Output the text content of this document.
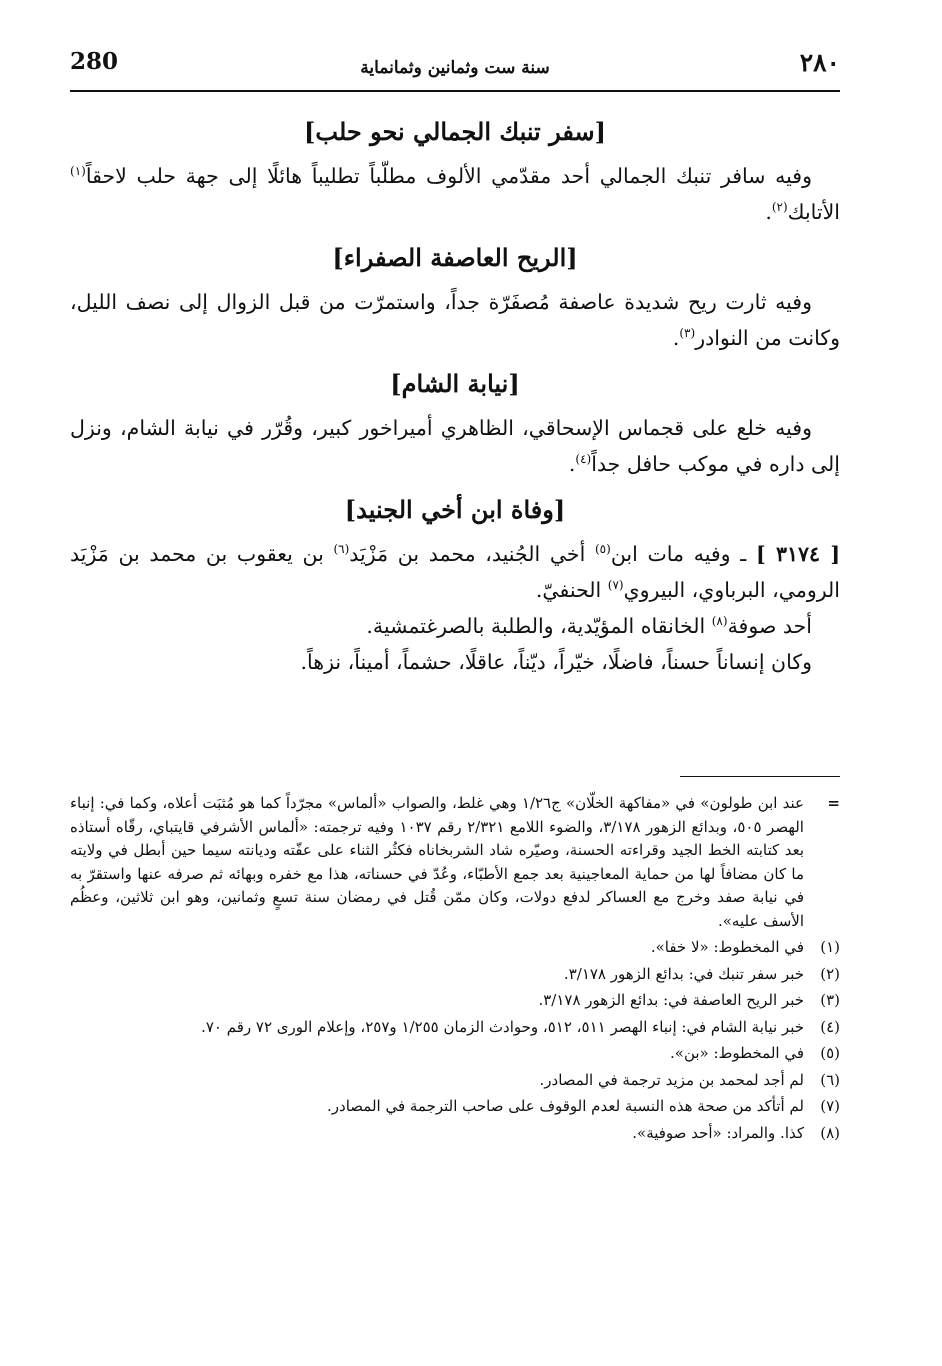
280	سنة ست وثمانين وثمانماية	٢٨٠
[سفر تنبك الجمالي نحو حلب]

وفيه سافر تنبك الجمالي أحد مقدّمي الألوف مطلّباً تطليباً هائلًا إلى جهة حلب لاحقاً$^{(١)}$ الأتابك$^{(٢)}$.

[الريح العاصفة الصفراء]

وفيه ثارت ريح شديدة عاصفة مُصفَرّة جداً، واستمرّت من قبل الزوال إلى نصف الليل، وكانت من النوادر$^{(٣)}$.

[نيابة الشام]

وفيه خلع على قجماس الإسحاقي، الظاهري أميراخور كبير، وقُرّر في نيابة الشام، ونزل إلى داره في موكب حافل جداً$^{(٤)}$.

[وفاة ابن أخي الجنيد]

[ ٣١٧٤ ] ـ وفيه مات ابن$^{(٥)}$ أخي الجُنيد، محمد بن مَزْيَد$^{(٦)}$ بن يعقوب بن محمد بن مَزْيَد الرومي، البرباوي، البيروي$^{(٧)}$ الحنفيّ.

أحد صوفة$^{(٨)}$ الخانقاه المؤيّدية، والطلبة بالصرغتمشية.

وكان إنساناً حسناً، فاضلًا، خيّراً، ديّناً، عاقلًا، حشماً، أميناً، نزهاً.

=
عند ابن طولون» في «مفاكهة الخلّان» ج١/٢٦ وهي غلط، والصواب «ألماس» مجرّداً كما هو مُثبَت أعلاه، وكما في: إنباء الهصر ٥٠٥، وبدائع الزهور ٣/١٧٨، والضوء اللامع ٢/٣٢١ رقم ١٠٣٧ وفيه ترجمته: «ألماس الأشرفي قايتباي، رقّاه أستاذه بعد كتابته الخط الجيد وقراءته الحسنة، وصيّره شاد الشربخاناه فكثُر الثناء على عفّته وديانته سيما حين أبطل في ولايته ما كان مضافاً لها من حماية المعاجينية بعد جمع الأطبّاء، وعُدّ في حسناته، هذا مع خفره وبهائه ثم صرفه عنها واستقرّ به في نيابة صفد وخرج مع العساكر لدفع دولات، وكان ممّن قُتل في رمضان سنة تسعٍ وثمانين، وهو ابن ثلاثين، وعظُم الأسف عليه».
(١)
في المخطوط: «لا خفا».
(٢)
خبر سفر تنبك في: بدائع الزهور ٣/١٧٨.
(٣)
خبر الريح العاصفة في: بدائع الزهور ٣/١٧٨.
(٤)
خبر نيابة الشام في: إنباء الهصر ٥١١، ٥١٢، وحوادث الزمان ١/٢٥٥ و٢٥٧، وإعلام الورى ٧٢ رقم ٧٠.
(٥)
في المخطوط: «بن».
(٦)
لم أجد لمحمد بن مزيد ترجمة في المصادر.
(٧)
لم أتأكد من صحة هذه النسبة لعدم الوقوف على صاحب الترجمة في المصادر.
(٨)
كذا. والمراد: «أحد صوفية».
